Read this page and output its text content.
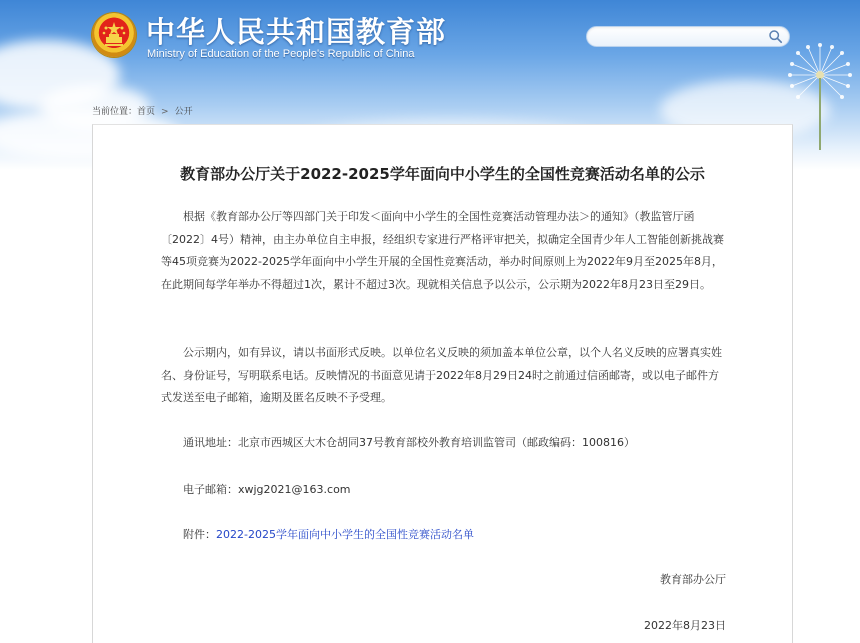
中华人民共和国教育部
Ministry of Education of the People's Republic of China
当前位置：首页 > 公开
教育部办公厅关于2022-2025学年面向中小学生的全国性竞赛活动名单的公示

根据《教育部办公厅等四部门关于印发＜面向中小学生的全国性竞赛活动管理办法＞的通知》（教监管厅函〔2022〕4号）精神，由主办单位自主申报，经组织专家进行严格评审把关，拟确定全国青少年人工智能创新挑战赛等45项竞赛为2022-2025学年面向中小学生开展的全国性竞赛活动，举办时间原则上为2022年9月至2025年8月，在此期间每学年举办不得超过1次，累计不超过3次。现就相关信息予以公示，公示期为2022年8月23日至29日。

公示期内，如有异议，请以书面形式反映。以单位名义反映的须加盖本单位公章，以个人名义反映的应署真实姓名、身份证号，写明联系电话。反映情况的书面意见请于2022年8月29日24时之前通过信函邮寄，或以电子邮件方式发送至电子邮箱，逾期及匿名反映不予受理。

通讯地址：北京市西城区大木仓胡同37号教育部校外教育培训监管司（邮政编码：100816）
电子邮箱：xwjg2021@163.com
附件：2022-2025学年面向中小学生的全国性竞赛活动名单
教育部办公厅
2022年8月23日
